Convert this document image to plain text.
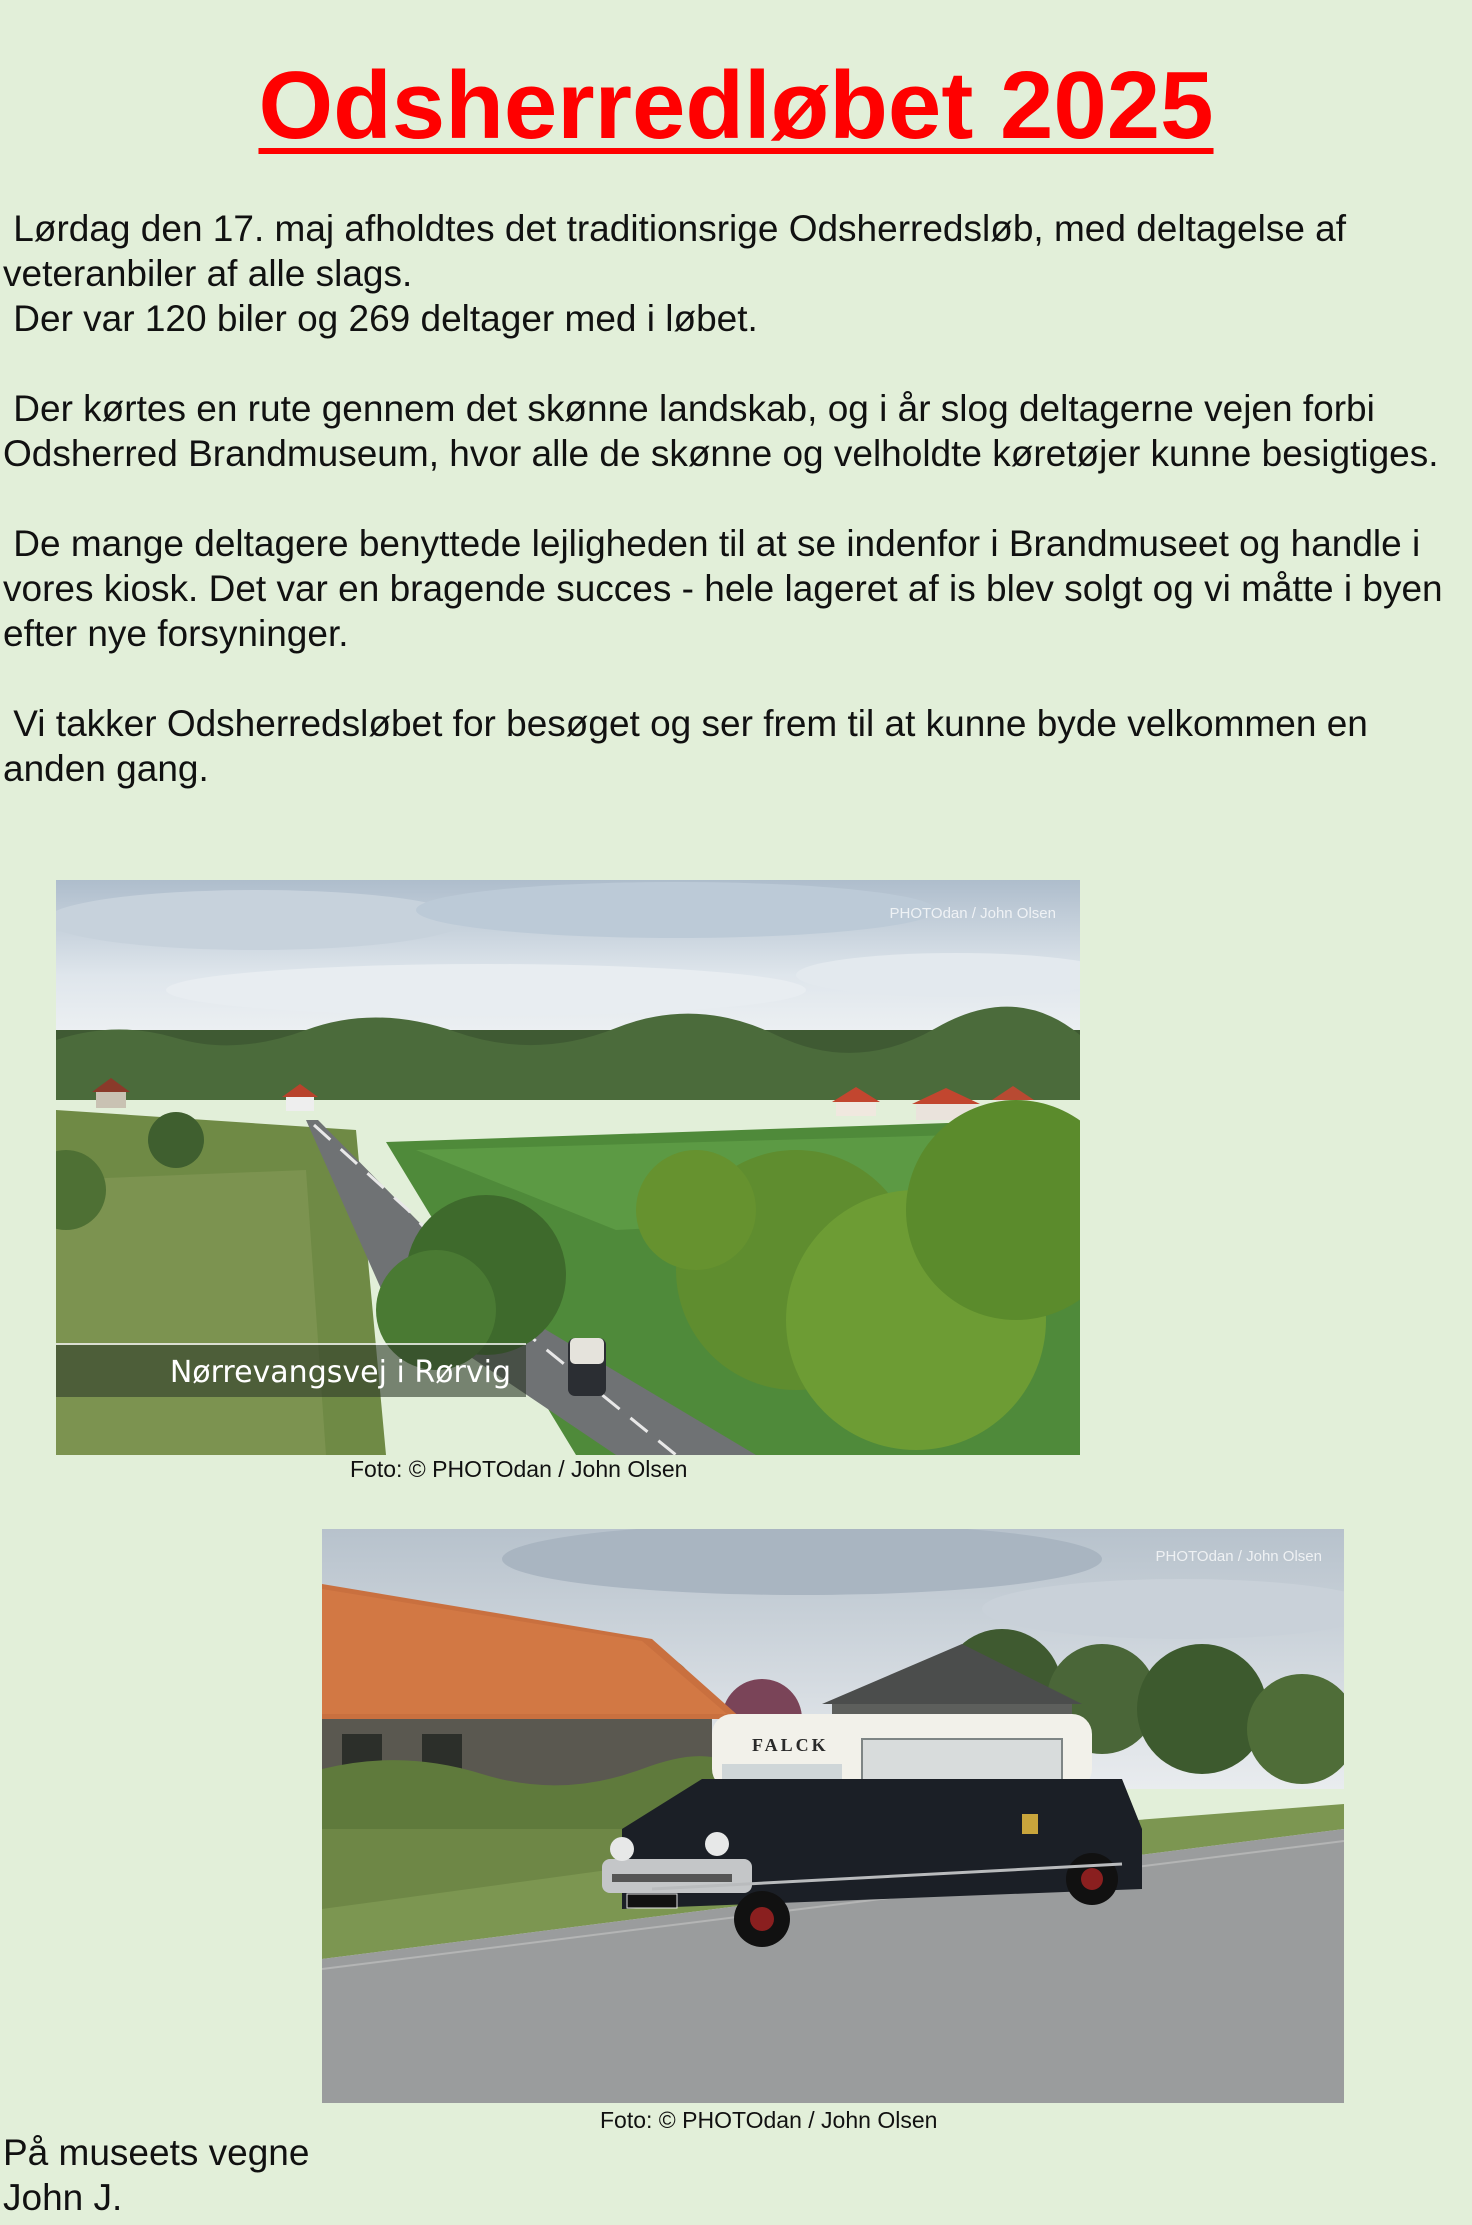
Odsherredløbet 2025

Lørdag den 17. maj afholdtes det traditionsrige Odsherredsløb, med deltagelse af veteranbiler af alle slags.
Der var 120 biler og 269 deltager med i løbet.

Der kørtes en rute gennem det skønne landskab, og i år slog deltagerne vejen forbi Odsherred Brandmuseum, hvor alle de skønne og velholdte køretøjer kunne besigtiges.

De mange deltagere benyttede lejligheden til at se indenfor i Brandmuseet og handle i vores kiosk. Det var en bragende succes - hele lageret af is blev solgt og vi måtte i byen efter nye forsyninger.

Vi takker Odsherredsløbet for besøget og ser frem til at kunne byde velkommen en anden gang.

Nørrevangsvej i Rørvig
PHOTOdan / John Olsen
Foto: © PHOTOdan / John Olsen
FALCK
PHOTOdan / John Olsen
Foto: © PHOTOdan / John Olsen
På museets vegne
John J.
